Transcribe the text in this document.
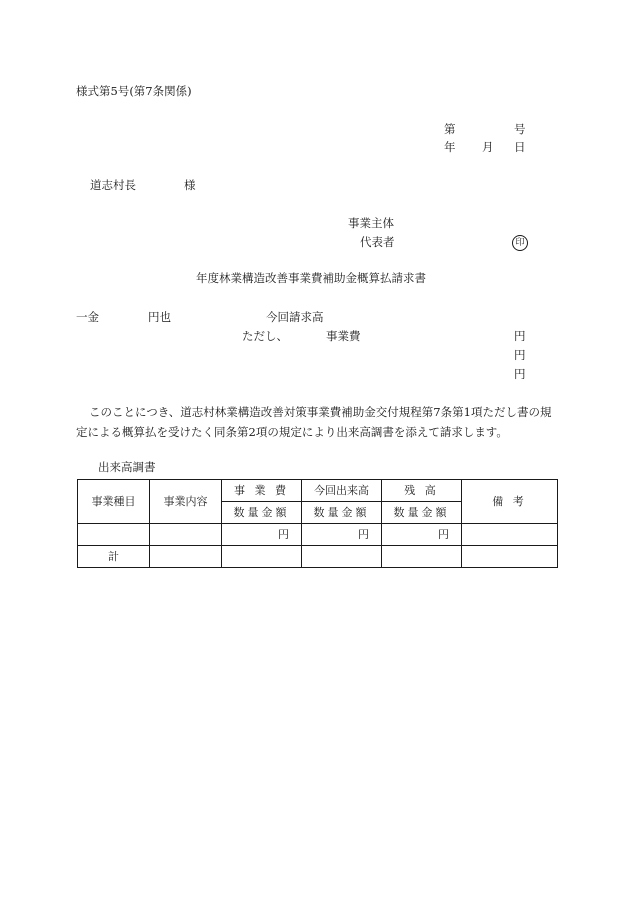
様式第5号(第7条関係)
第	号
年 月 日
道志村長	様
事業主体
代表者	印
年度林業構造改善事業費補助金概算払請求書
一金	円也	今回請求高
ただし、	事業費	円
円
円
このことにつき、道志村林業構造改善対策事業費補助金交付規程第7条第1項ただし書の規定による概算払を受けたく同条第2項の規定により出来高調書を添えて請求します。
出来高調書
事業種目	事業内容	事 業 費	今回出来高	残 高	備 考
		数量金額	数量金額	数量金額	
		円	円	円	
計					
